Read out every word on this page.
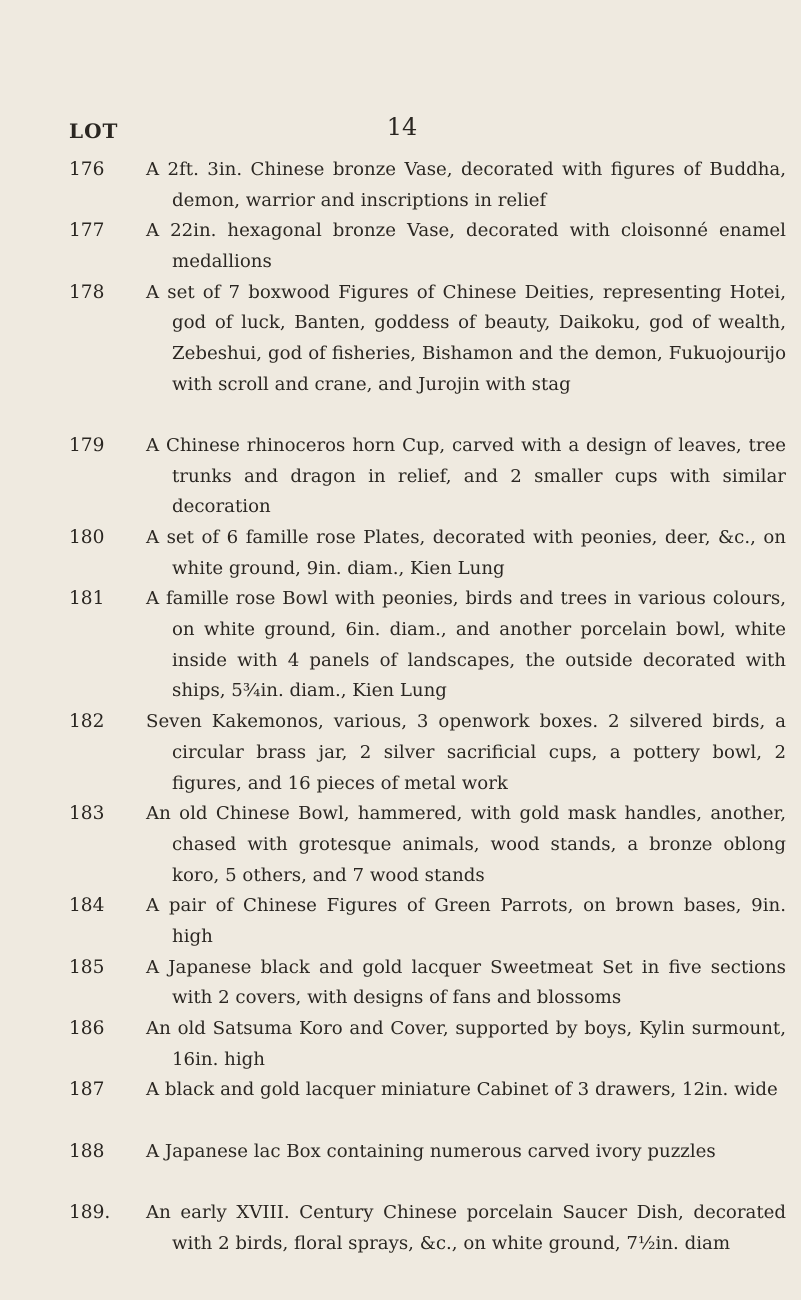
14
LOT
176 A 2ft. 3in. Chinese bronze Vase, decorated with figures of Buddha, demon, warrior and inscriptions in relief
177 A 22in. hexagonal bronze Vase, decorated with cloisonné enamel medallions
178 A set of 7 boxwood Figures of Chinese Deities, representing Hotei, god of luck, Banten, goddess of beauty, Daikoku, god of wealth, Zebeshui, god of fisheries, Bishamon and the demon, Fukuojourijo with scroll and crane, and Jurojin with stag
179 A Chinese rhinoceros horn Cup, carved with a design of leaves, tree trunks and dragon in relief, and 2 smaller cups with similar decoration
180 A set of 6 famille rose Plates, decorated with peonies, deer, &c., on white ground, 9in. diam., Kien Lung
181 A famille rose Bowl with peonies, birds and trees in various colours, on white ground, 6in. diam., and another porcelain bowl, white inside with 4 panels of landscapes, the outside decorated with ships, 5¾in. diam., Kien Lung
182 Seven Kakemonos, various, 3 openwork boxes. 2 silvered birds, a circular brass jar, 2 silver sacrificial cups, a pottery bowl, 2 figures, and 16 pieces of metal work
183 An old Chinese Bowl, hammered, with gold mask handles, another, chased with grotesque animals, wood stands, a bronze oblong koro, 5 others, and 7 wood stands
184 A pair of Chinese Figures of Green Parrots, on brown bases, 9in. high
185 A Japanese black and gold lacquer Sweetmeat Set in five sections with 2 covers, with designs of fans and blossoms
186 An old Satsuma Koro and Cover, supported by boys, Kylin surmount, 16in. high
187 A black and gold lacquer miniature Cabinet of 3 drawers, 12in. wide
188 A Japanese lac Box containing numerous carved ivory puzzles
189. An early XVIII. Century Chinese porcelain Saucer Dish, decorated with 2 birds, floral sprays, &c., on white ground, 7½in. diam
